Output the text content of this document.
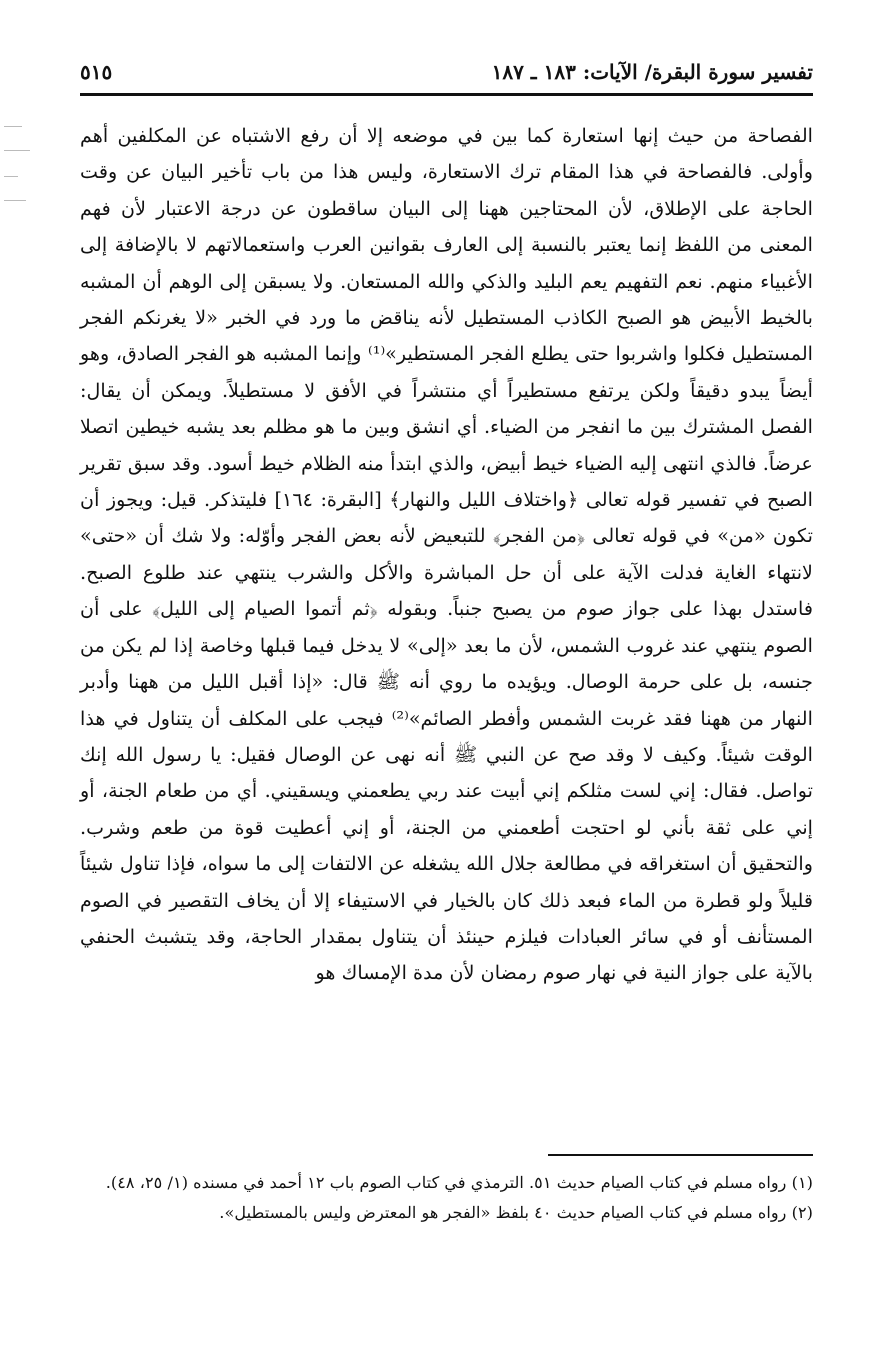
تفسير سورة البقرة/ الآيات: ١٨٣ ـ ١٨٧
٥١٥

الفصاحة من حيث إنها استعارة كما بين في موضعه إلا أن رفع الاشتباه عن المكلفين أهم وأولى. فالفصاحة في هذا المقام ترك الاستعارة، وليس هذا من باب تأخير البيان عن وقت الحاجة على الإطلاق، لأن المحتاجين ههنا إلى البيان ساقطون عن درجة الاعتبار لأن فهم المعنى من اللفظ إنما يعتبر بالنسبة إلى العارف بقوانين العرب واستعمالاتهم لا بالإضافة إلى الأغبياء منهم. نعم التفهيم يعم البليد والذكي والله المستعان. ولا يسبقن إلى الوهم أن المشبه بالخيط الأبيض هو الصبح الكاذب المستطيل لأنه يناقض ما ورد في الخبر «لا يغرنكم الفجر المستطيل فكلوا واشربوا حتى يطلع الفجر المستطير»⁽¹⁾ وإنما المشبه هو الفجر الصادق، وهو أيضاً يبدو دقيقاً ولكن يرتفع مستطيراً أي منتشراً في الأفق لا مستطيلاً. ويمكن أن يقال: الفصل المشترك بين ما انفجر من الضياء. أي انشق وبين ما هو مظلم بعد يشبه خيطين اتصلا عرضاً. فالذي انتهى إليه الضياء خيط أبيض، والذي ابتدأ منه الظلام خيط أسود. وقد سبق تقرير الصبح في تفسير قوله تعالى ﴿واختلاف الليل والنهار﴾ [البقرة: ١٦٤] فليتذكر. قيل: ويجوز أن تكون «من» في قوله تعالى ﴿من الفجر﴾ للتبعيض لأنه بعض الفجر وأوّله: ولا شك أن «حتى» لانتهاء الغاية فدلت الآية على أن حل المباشرة والأكل والشرب ينتهي عند طلوع الصبح. فاستدل بهذا على جواز صوم من يصبح جنباً. وبقوله ﴿ثم أتموا الصيام إلى الليل﴾ على أن الصوم ينتهي عند غروب الشمس، لأن ما بعد «إلى» لا يدخل فيما قبلها وخاصة إذا لم يكن من جنسه، بل على حرمة الوصال. ويؤيده ما روي أنه ﷺ قال: «إذا أقبل الليل من ههنا وأدبر النهار من ههنا فقد غربت الشمس وأفطر الصائم»⁽²⁾ فيجب على المكلف أن يتناول في هذا الوقت شيئاً. وكيف لا وقد صح عن النبي ﷺ أنه نهى عن الوصال فقيل: يا رسول الله إنك تواصل. فقال: إني لست مثلكم إني أبيت عند ربي يطعمني ويسقيني. أي من طعام الجنة، أو إني على ثقة بأني لو احتجت أطعمني من الجنة، أو إني أعطيت قوة من طعم وشرب. والتحقيق أن استغراقه في مطالعة جلال الله يشغله عن الالتفات إلى ما سواه، فإذا تناول شيئاً قليلاً ولو قطرة من الماء فبعد ذلك كان بالخيار في الاستيفاء إلا أن يخاف التقصير في الصوم المستأنف أو في سائر العبادات فيلزم حينئذ أن يتناول بمقدار الحاجة، وقد يتشبث الحنفي بالآية على جواز النية في نهار صوم رمضان لأن مدة الإمساك هو

(١) رواه مسلم في كتاب الصيام حديث ٥١. الترمذي في كتاب الصوم باب ١٢ أحمد في مسنده (١/ ٢٥، ٤٨).

(٢) رواه مسلم في كتاب الصيام حديث ٤٠ بلفظ «الفجر هو المعترض وليس بالمستطيل».
